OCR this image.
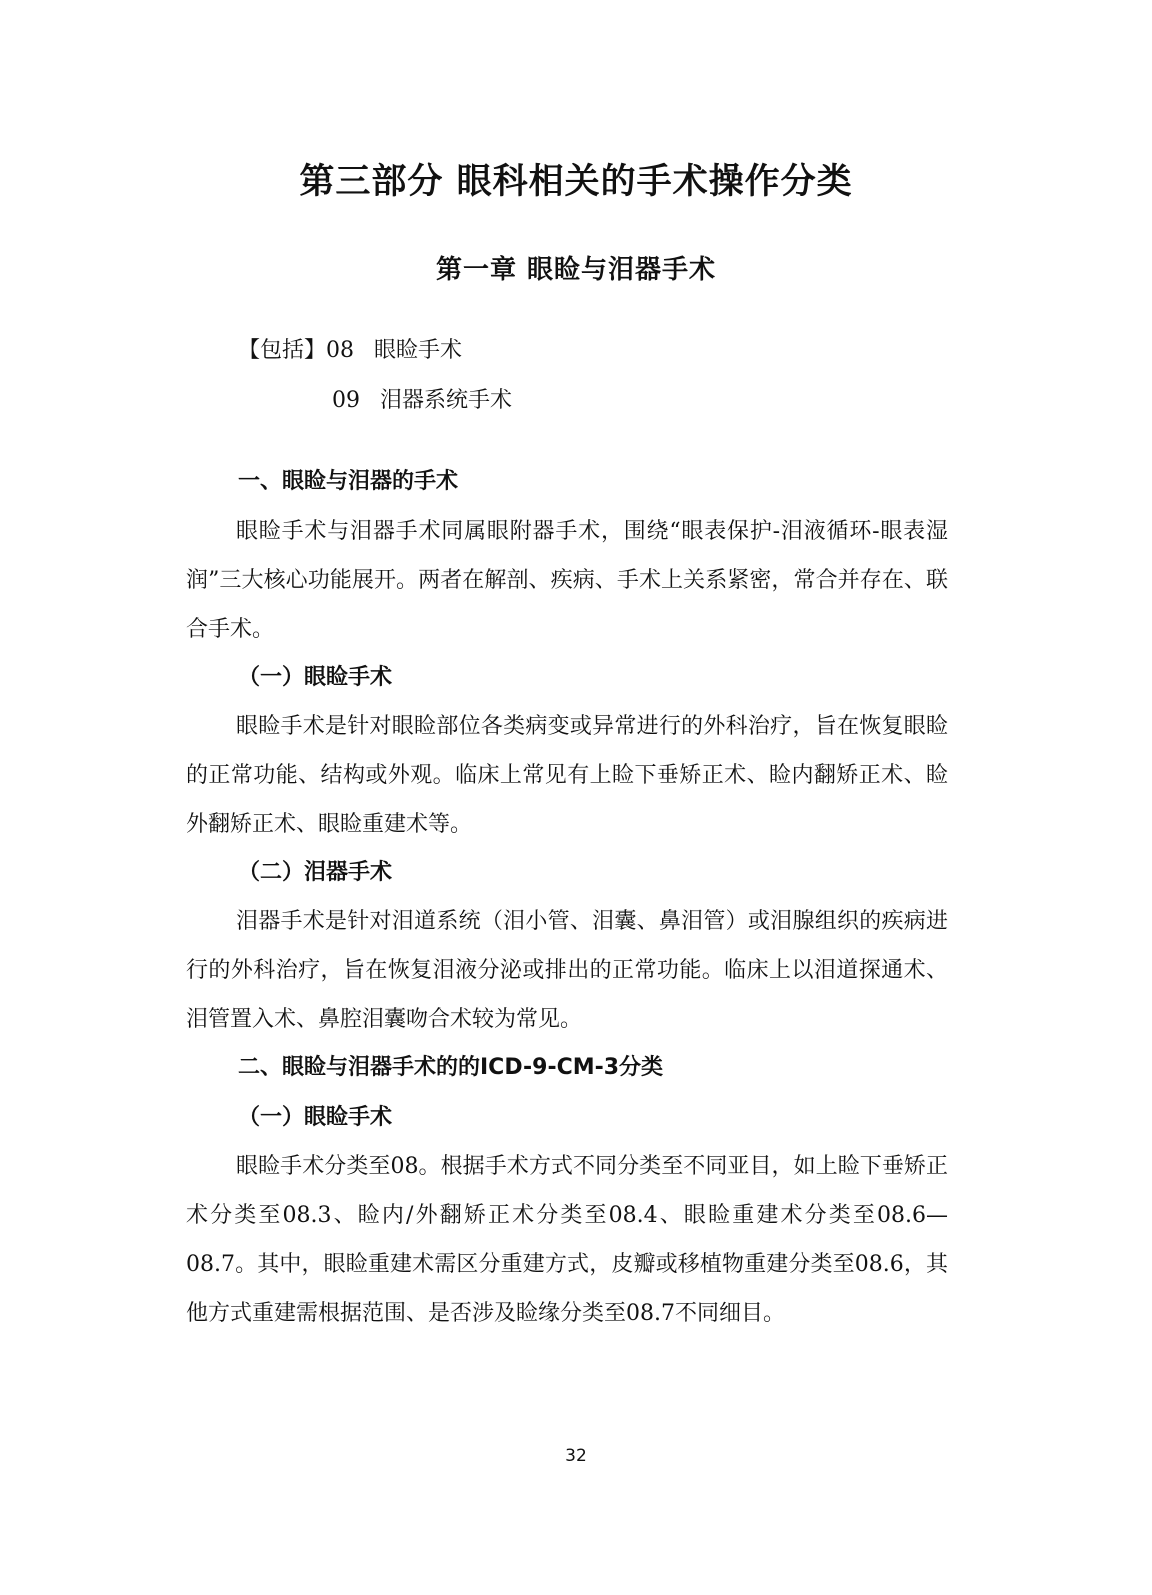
第三部分 眼科相关的手术操作分类
第一章 眼睑与泪器手术
【包括】08 眼睑手术
09 泪器系统手术
一、眼睑与泪器的手术

眼睑手术与泪器手术同属眼附器手术，围绕“眼表保护-泪液循环-眼表湿润”三大核心功能展开。两者在解剖、疾病、手术上关系紧密，常合并存在、联合手术。

（一）眼睑手术

眼睑手术是针对眼睑部位各类病变或异常进行的外科治疗，旨在恢复眼睑的正常功能、结构或外观。临床上常见有上睑下垂矫正术、睑内翻矫正术、睑外翻矫正术、眼睑重建术等。

（二）泪器手术

泪器手术是针对泪道系统（泪小管、泪囊、鼻泪管）或泪腺组织的疾病进行的外科治疗，旨在恢复泪液分泌或排出的正常功能。临床上以泪道探通术、泪管置入术、鼻腔泪囊吻合术较为常见。

二、眼睑与泪器手术的的ICD-9-CM-3分类
（一）眼睑手术

眼睑手术分类至08。根据手术方式不同分类至不同亚目，如上睑下垂矫正术分类至08.3、睑内/外翻矫正术分类至08.4、眼睑重建术分类至08.6—08.7。其中，眼睑重建术需区分重建方式，皮瓣或移植物重建分类至08.6，其他方式重建需根据范围、是否涉及睑缘分类至08.7不同细目。

32
